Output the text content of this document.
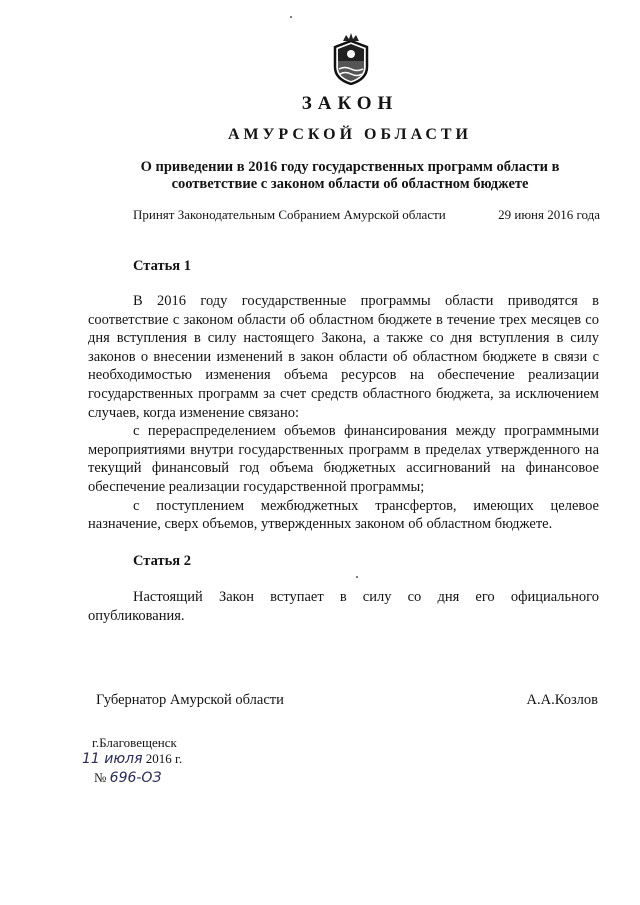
ЗАКОН
АМУРСКОЙ ОБЛАСТИ
О приведении в 2016 году государственных программ области в соответствие с законом области об областном бюджете
Принят Законодательным Собранием Амурской области	29 июня 2016 года
Статья 1

В 2016 году государственные программы области приводятся в соответствие с законом области об областном бюджете в течение трех месяцев со дня вступления в силу настоящего Закона, а также со дня вступления в силу законов о внесении изменений в закон области об областном бюджете в связи с необходимостью изменения объема ресурсов на обеспечение реализации государственных программ за счет средств областного бюджета, за исключением случаев, когда изменение связано:

с перераспределением объемов финансирования между программными мероприятиями внутри государственных программ в пределах утвержденного на текущий финансовый год объема бюджетных ассигнований на финансовое обеспечение реализации государственной программы;

с поступлением межбюджетных трансфертов, имеющих целевое назначение, сверх объемов, утвержденных законом об областном бюджете.

Статья 2

Настоящий Закон вступает в силу со дня его официального опубликования.

Губернатор Амурской области	А.А.Козлов
г.Благовещенск
11 июля 2016 г.
№ 696-ОЗ
